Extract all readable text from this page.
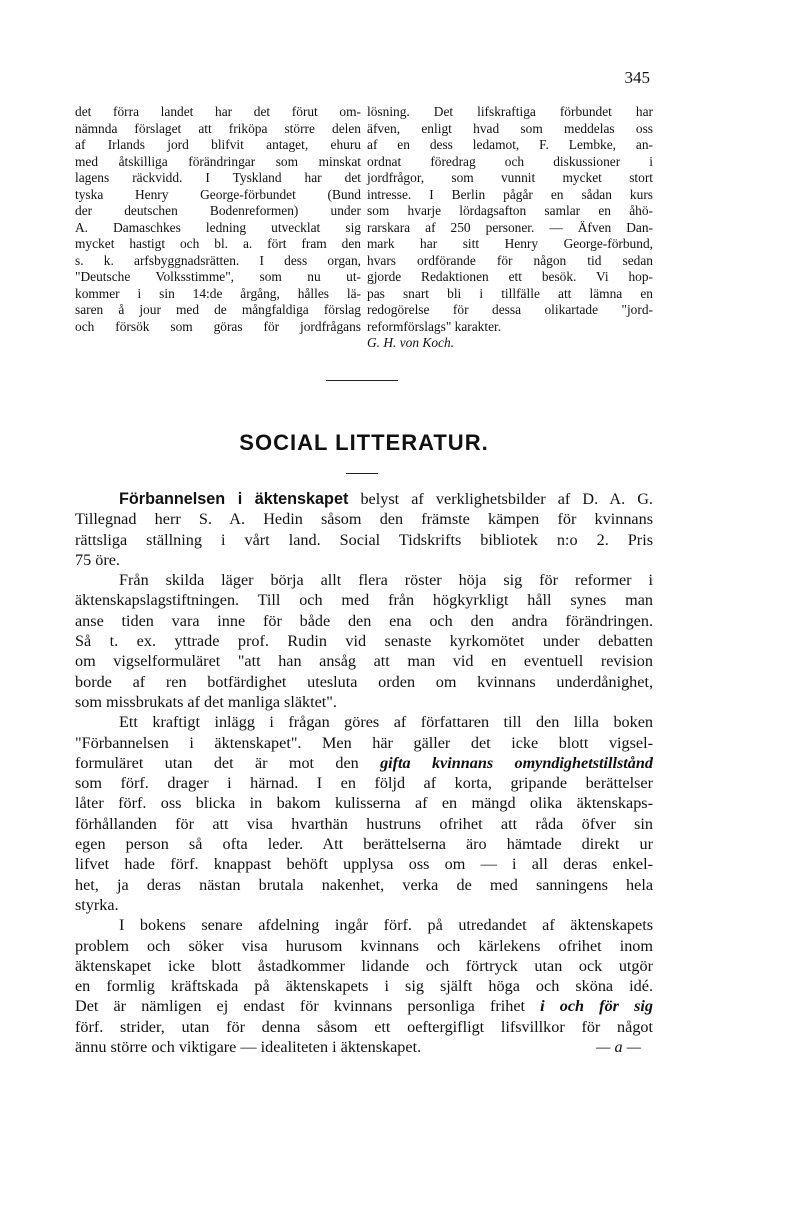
345
det förra landet har det förut om-
nämnda förslaget att friköpa större delen
af Irlands jord blifvit antaget, ehuru
med åtskilliga förändringar som minskat
lagens räckvidd. I Tyskland har det
tyska Henry George-förbundet (Bund
der deutschen Bodenreformen) under
A. Damaschkes ledning utvecklat sig
mycket hastigt och bl. a. fört fram den
s. k. arfsbyggnadsrätten. I dess organ,
"Deutsche Volksstimme", som nu ut-
kommer i sin 14:de årgång, hålles lä-
saren å jour med de mångfaldiga förslag
och försök som göras för jordfrågans
lösning. Det lifskraftiga förbundet har
äfven, enligt hvad som meddelas oss
af en dess ledamot, F. Lembke, an-
ordnat föredrag och diskussioner i
jordfrågor, som vunnit mycket stort
intresse. I Berlin pågår en sådan kurs
som hvarje lördagsafton samlar en åhö-
rarskara af 250 personer. — Äfven Dan-
mark har sitt Henry George-förbund,
hvars ordförande för någon tid sedan
gjorde Redaktionen ett besök. Vi hop-
pas snart bli i tillfälle att lämna en
redogörelse för dessa olikartade "jord-
reformförslags" karakter.
G. H. von Koch.
SOCIAL LITTERATUR.
Förbannelsen i äktenskapet belyst af verklighetsbilder af D. A. G.
Tillegnad herr S. A. Hedin såsom den främste kämpen för kvinnans
rättsliga ställning i vårt land. Social Tidskrifts bibliotek n:o 2. Pris
75 öre.
Från skilda läger börja allt flera röster höja sig för reformer i
äktenskapslagstiftningen. Till och med från högkyrkligt håll synes man
anse tiden vara inne för både den ena och den andra förändringen.
Så t. ex. yttrade prof. Rudin vid senaste kyrkomötet under debatten
om vigselformuläret "att han ansåg att man vid en eventuell revision
borde af ren botfärdighet utesluta orden om kvinnans underdånighet,
som missbrukats af det manliga släktet".
Ett kraftigt inlägg i frågan göres af författaren till den lilla boken
"Förbannelsen i äktenskapet". Men här gäller det icke blott vigsel-
formuläret utan det är mot den gifta kvinnans omyndighetstillstånd
som förf. drager i härnad. I en följd af korta, gripande berättelser
låter förf. oss blicka in bakom kulisserna af en mängd olika äktenskaps-
förhållanden för att visa hvarthän hustruns ofrihet att råda öfver sin
egen person så ofta leder. Att berättelserna äro hämtade direkt ur
lifvet hade förf. knappast behöft upplysa oss om — i all deras enkel-
het, ja deras nästan brutala nakenhet, verka de med sanningens hela
styrka.
I bokens senare afdelning ingår förf. på utredandet af äktenskapets
problem och söker visa hurusom kvinnans och kärlekens ofrihet inom
äktenskapet icke blott åstadkommer lidande och förtryck utan ock utgör
en formlig kräftskada på äktenskapets i sig själft höga och sköna idé.
Det är nämligen ej endast för kvinnans personliga frihet i och för sig
förf. strider, utan för denna såsom ett oeftergifligt lifsvillkor för något
ännu större och viktigare — idealiteten i äktenskapet.	— a —
